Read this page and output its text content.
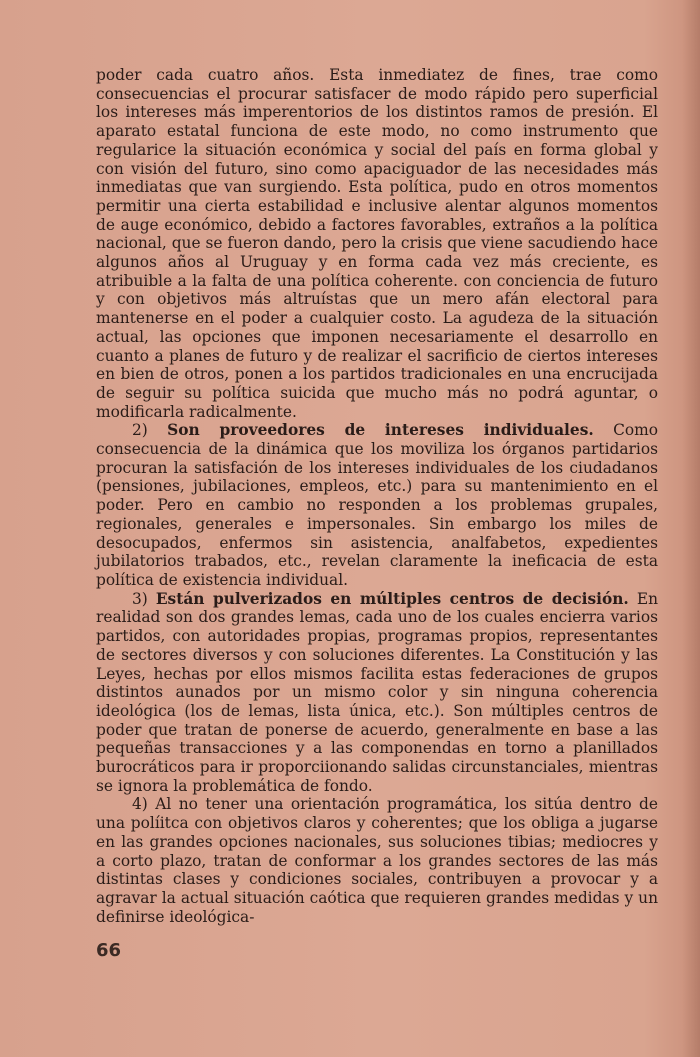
poder cada cuatro años. Esta inmediatez de fines, trae como consecuencias el procurar satisfacer de modo rápido pero superficial los intereses más imperentorios de los distintos ramos de presión. El aparato estatal funciona de este modo, no como instrumento que regularice la situación económica y social del país en forma global y con visión del futuro, sino como apaciguador de las necesidades más inmediatas que van surgiendo. Esta política, pudo en otros momentos permitir una cierta estabilidad e inclusive alentar algunos momentos de auge económico, debido a factores favorables, extraños a la política nacional, que se fueron dando, pero la crisis que viene sacudiendo hace algunos años al Uruguay y en forma cada vez más creciente, es atribuible a la falta de una política coherente. con conciencia de futuro y con objetivos más altruístas que un mero afán electoral para mantenerse en el poder a cualquier costo. La agudeza de la situación actual, las opciones que imponen necesariamente el desarrollo en cuanto a planes de futuro y de realizar el sacrificio de ciertos intereses en bien de otros, ponen a los partidos tradicionales en una encrucijada de seguir su política suicida que mucho más no podrá aguntar, o modificarla radicalmente.

2) Son proveedores de intereses individuales. Como consecuencia de la dinámica que los moviliza los órganos partidarios procuran la satisfación de los intereses individuales de los ciudadanos (pensiones, jubilaciones, empleos, etc.) para su mantenimiento en el poder. Pero en cambio no responden a los problemas grupales, regionales, generales e impersonales. Sin embargo los miles de desocupados, enfermos sin asistencia, analfabetos, expedientes jubilatorios trabados, etc., revelan claramente la ineficacia de esta política de existencia individual.

3) Están pulverizados en múltiples centros de decisión. En realidad son dos grandes lemas, cada uno de los cuales encierra varios partidos, con autoridades propias, programas propios, representantes de sectores diversos y con soluciones diferentes. La Constitución y las Leyes, hechas por ellos mismos facilita estas federaciones de grupos distintos aunados por un mismo color y sin ninguna coherencia ideológica (los de lemas, lista única, etc.). Son múltiples centros de poder que tratan de ponerse de acuerdo, generalmente en base a las pequeñas transacciones y a las componendas en torno a planillados burocráticos para ir proporciionando salidas circunstanciales, mientras se ignora la problemática de fondo.

4) Al no tener una orientación programática, los sitúa dentro de una políitca con objetivos claros y coherentes; que los obliga a jugarse en las grandes opciones nacionales, sus soluciones tibias; mediocres y a corto plazo, tratan de conformar a los grandes sectores de las más distintas clases y condiciones sociales, contribuyen a provocar y a agravar la actual situación caótica que requieren grandes medidas y un definirse ideológica-

66
